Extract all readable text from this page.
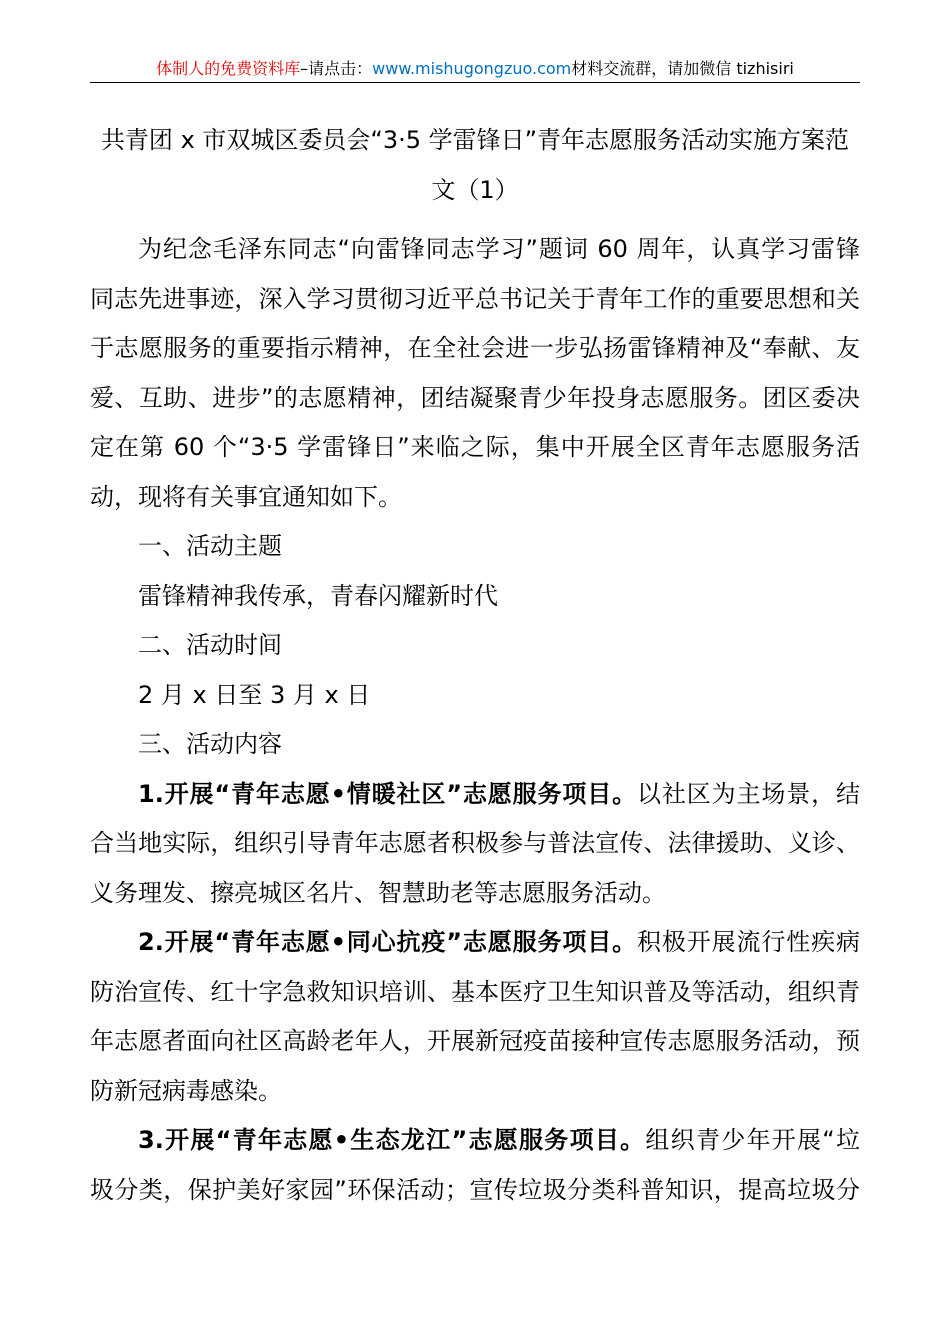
体制人的免费资料库–请点击：www.mishugongzuo.com材料交流群，请加微信 tizhisiri
共青团 x 市双城区委员会“3·5 学雷锋日”青年志愿服务活动实施方案范
文（1）
为纪念毛泽东同志“向雷锋同志学习”题词 60 周年，认真学习雷锋
同志先进事迹，深入学习贯彻习近平总书记关于青年工作的重要思想和关
于志愿服务的重要指示精神，在全社会进一步弘扬雷锋精神及“奉献、友
爱、互助、进步”的志愿精神，团结凝聚青少年投身志愿服务。团区委决
定在第 60 个“3·5 学雷锋日”来临之际，集中开展全区青年志愿服务活
动，现将有关事宜通知如下。
一、活动主题
雷锋精神我传承，青春闪耀新时代
二、活动时间
2 月 x 日至 3 月 x 日
三、活动内容
1.开展“青年志愿•情暖社区”志愿服务项目。以社区为主场景，结
合当地实际，组织引导青年志愿者积极参与普法宣传、法律援助、义诊、
义务理发、擦亮城区名片、智慧助老等志愿服务活动。
2.开展“青年志愿•同心抗疫”志愿服务项目。积极开展流行性疾病
防治宣传、红十字急救知识培训、基本医疗卫生知识普及等活动，组织青
年志愿者面向社区高龄老年人，开展新冠疫苗接种宣传志愿服务活动，预
防新冠病毒感染。
3.开展“青年志愿•生态龙江”志愿服务项目。组织青少年开展“垃
圾分类，保护美好家园”环保活动；宣传垃圾分类科普知识，提高垃圾分
